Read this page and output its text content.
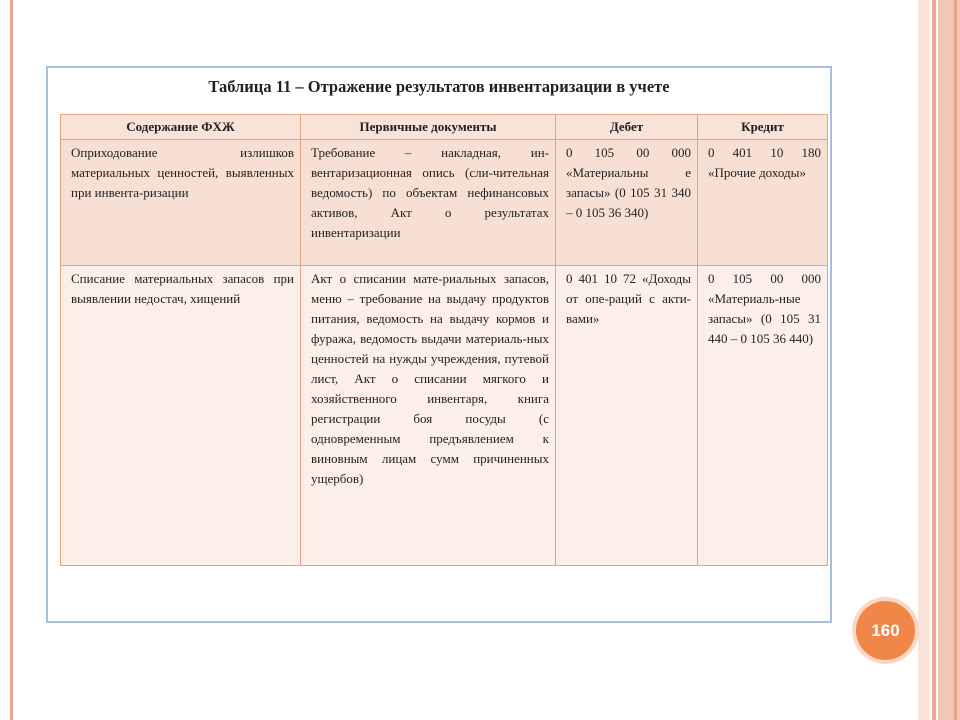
Таблица 11 – Отражение результатов инвентаризации в учете
Содержание ФХЖ	Первичные документы	Дебет	Кредит

Оприходование излишков материальных ценностей, выявленных при инвента-ризации	Требование – накладная, ин-вентаризационная опись (сли-чительная ведомость) по объектам нефинансовых активов, Акт о результатах инвентаризации	0 105 00 000 «Материальны е запасы» (0 105 31 340 – 0 105 36 340)	0 401 10 180 «Прочие доходы»

Списание материальных запасов при выявлении недостач, хищений	Акт о списании мате-риальных запасов, меню – требование на выдачу продуктов питания, ведомость на выдачу кормов и фуража, ведомость выдачи материаль-ных ценностей на нужды учреждения, путевой лист, Акт о списании мягкого и хозяйственного инвентаря, книга регистрации боя посуды (с одновременным предъявлением к виновным лицам сумм причиненных ущербов)	0 401 10 72 «Доходы от опе-раций с акти-вами»	0 105 00 000 «Материаль-ные запасы» (0 105 31 440 – 0 105 36 440)

160
